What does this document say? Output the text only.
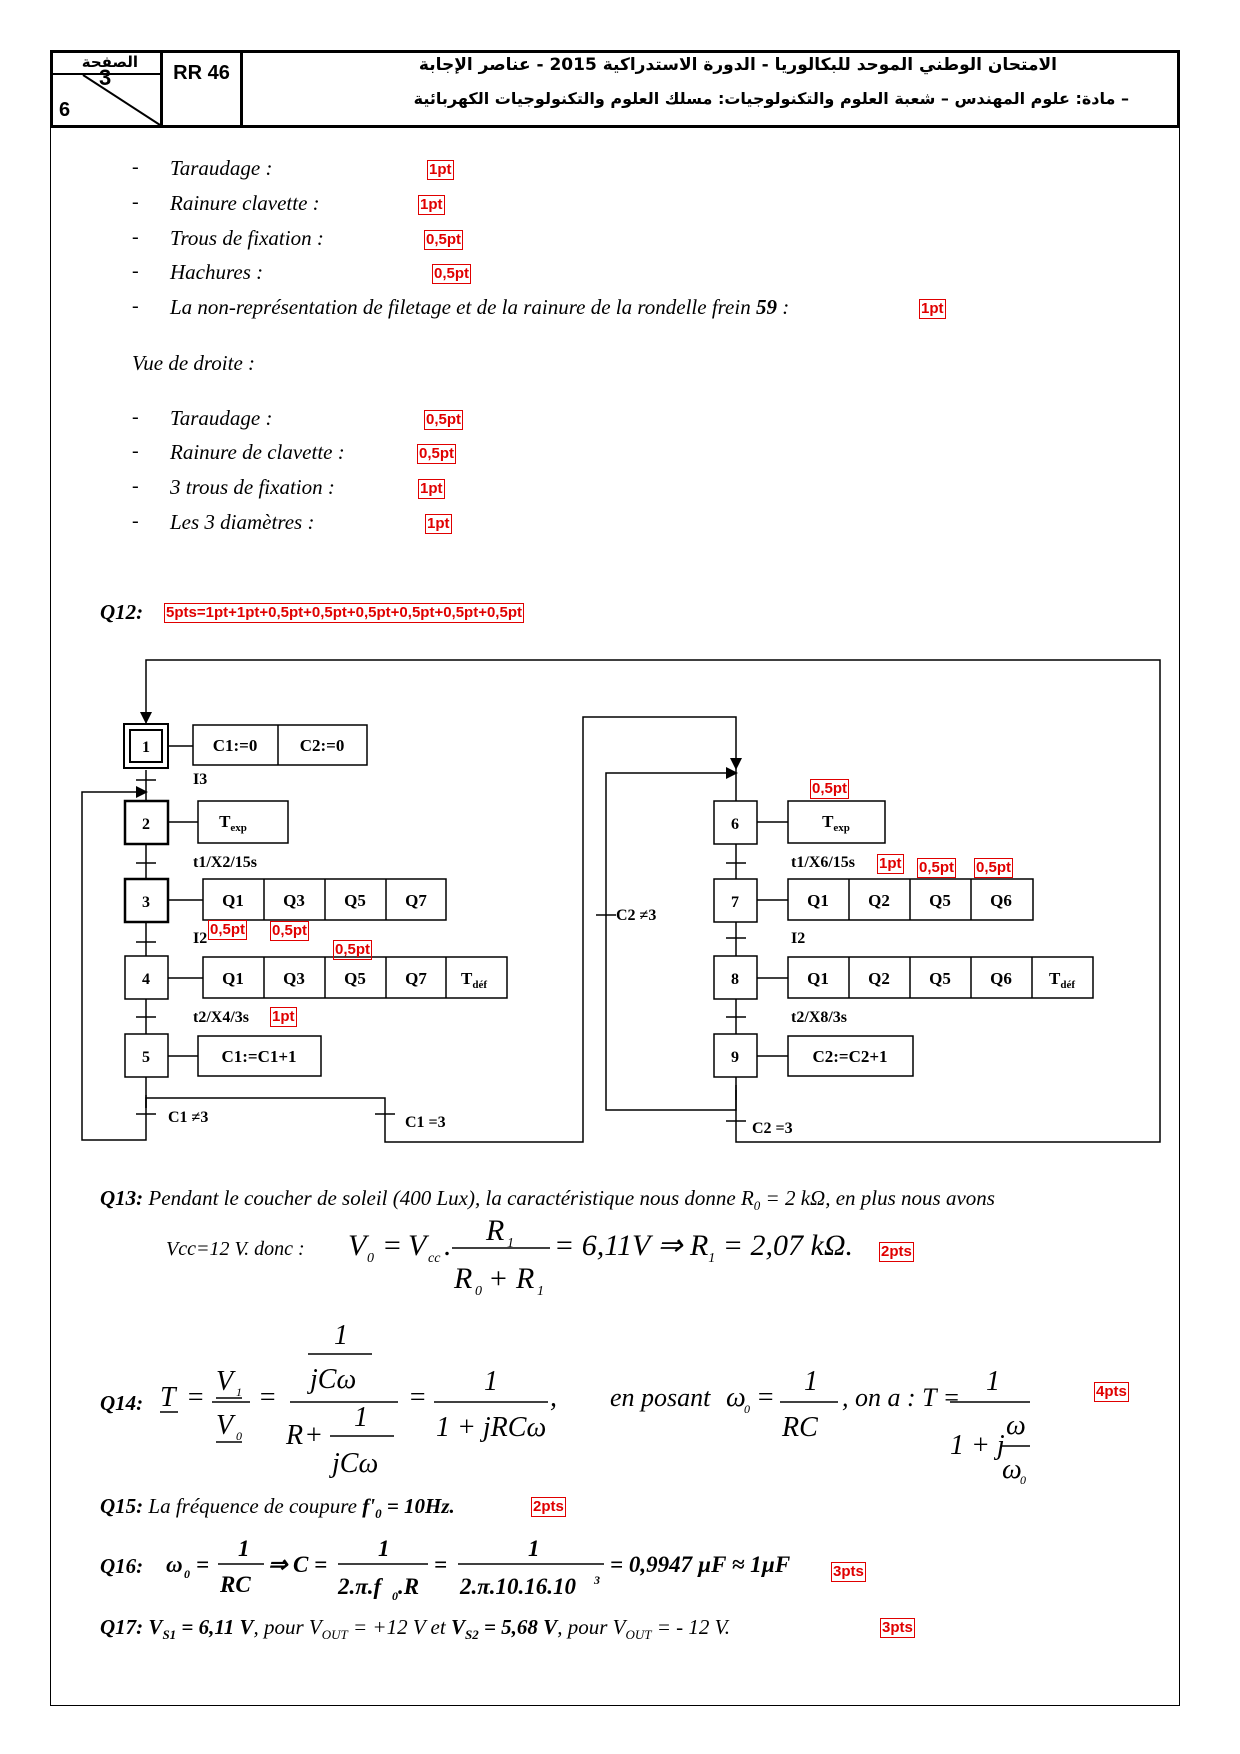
الصفحة
3
6
RR 46	الامتحان الوطني الموحد للبكالوريا - الدورة الاستدراكية 2015 - عناصر الإجابة
– مادة: علوم المهندس – شعبة العلوم والتكنولوجيات: مسلك العلوم والتكنولوجيات الكهربائية
- Taraudage :	1pt
- Rainure clavette :	1pt
- Trous de fixation :	0,5pt
- Hachures :	0,5pt
- La non-représentation de filetage et de la rainure de la rondelle frein 59 :	1pt
Vue de droite :
- Taraudage :	0,5pt
- Rainure de clavette :	0,5pt
- 3 trous de fixation :	1pt
- Les 3 diamètres :	1pt
Q12: 5pts=1pt+1pt+0,5pt+0,5pt+0,5pt+0,5pt+0,5pt+0,5pt
1
2
3
4
5
6
7
8
9
C1:=0 C2:=0
$T_{exp}$
Q1 Q3 Q5 Q7
Q1 Q3 Q5 Q7 $T_{déf}$
C1:=C1+1
$T_{exp}$
Q1 Q2 Q5 Q6
Q1 Q2 Q5 Q6 $T_{déf}$
C2:=C2+1
I3
t1/X2/15s
I2
t2/X4/3s
C1 ≠3	C1 =3
C2 ≠3
C2 =3
t1/X6/15s
I2
t2/X8/3s
0,5pt
1pt 0,5pt 0,5pt
0,5pt 0,5pt
0,5pt
1pt
Q13: Pendant le coucher de soleil (400 Lux), la caractéristique nous donne $R_0 = 2$ kΩ, en plus nous avons
Vcc=12 V. donc : V 0 = V cc . R 1
R 0 + R 1
= 6,11V ⇒ $R_1 = 2,07$ kΩ. 2pts
Q14: T =
V 1
V 0
=
1
jCω
R +
1
jCω
=
1
1 + jRCω
, en posant ω
0 =
1
RC
, on a : T =
1
1 + j
ω
ω
0
4pts
Q15: La fréquence de coupure $f'_0 = 10Hz$.	2pts
Q16: ω 0 =
1
RC
⇒ C =
1
2.π.f 0 .R
=
1
2.π.10.16.10 3
= 0,9947 µF ≈ 1µF	3pts
Q17: $V_{S1} = 6,11$ V, pour $V_{OUT} = +12$ V et $V_{S2} = 5,68$ V, pour $V_{OUT}$ = - 12 V.	3pts
